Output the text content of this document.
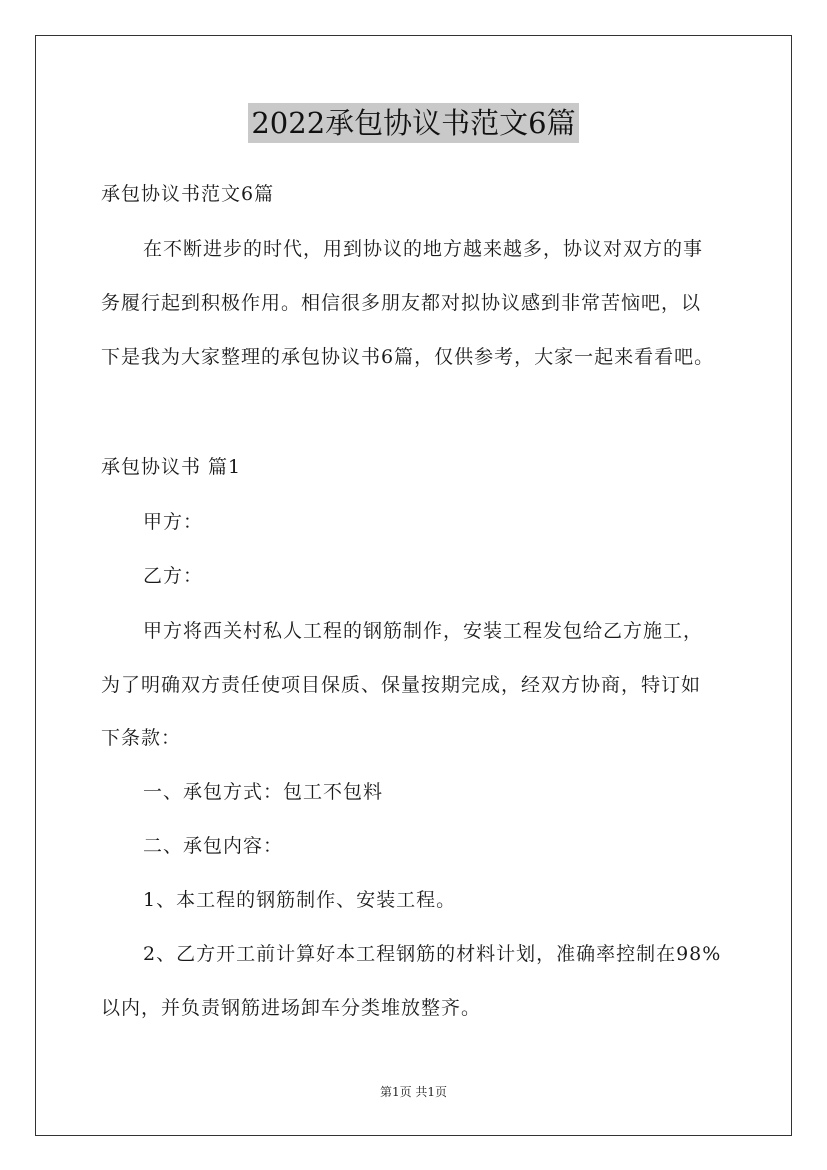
2022承包协议书范文6篇
承包协议书范文6篇
在不断进步的时代，用到协议的地方越来越多，协议对双方的事
务履行起到积极作用。相信很多朋友都对拟协议感到非常苦恼吧，以
下是我为大家整理的承包协议书6篇，仅供参考，大家一起来看看吧。
承包协议书 篇1
甲方：
乙方：
甲方将西关村私人工程的钢筋制作，安装工程发包给乙方施工，
为了明确双方责任使项目保质、保量按期完成，经双方协商，特订如
下条款：
一、承包方式：包工不包料
二、承包内容：
1、本工程的钢筋制作、安装工程。
2、乙方开工前计算好本工程钢筋的材料计划，准确率控制在98%
以内，并负责钢筋进场卸车分类堆放整齐。
第1页 共1页
